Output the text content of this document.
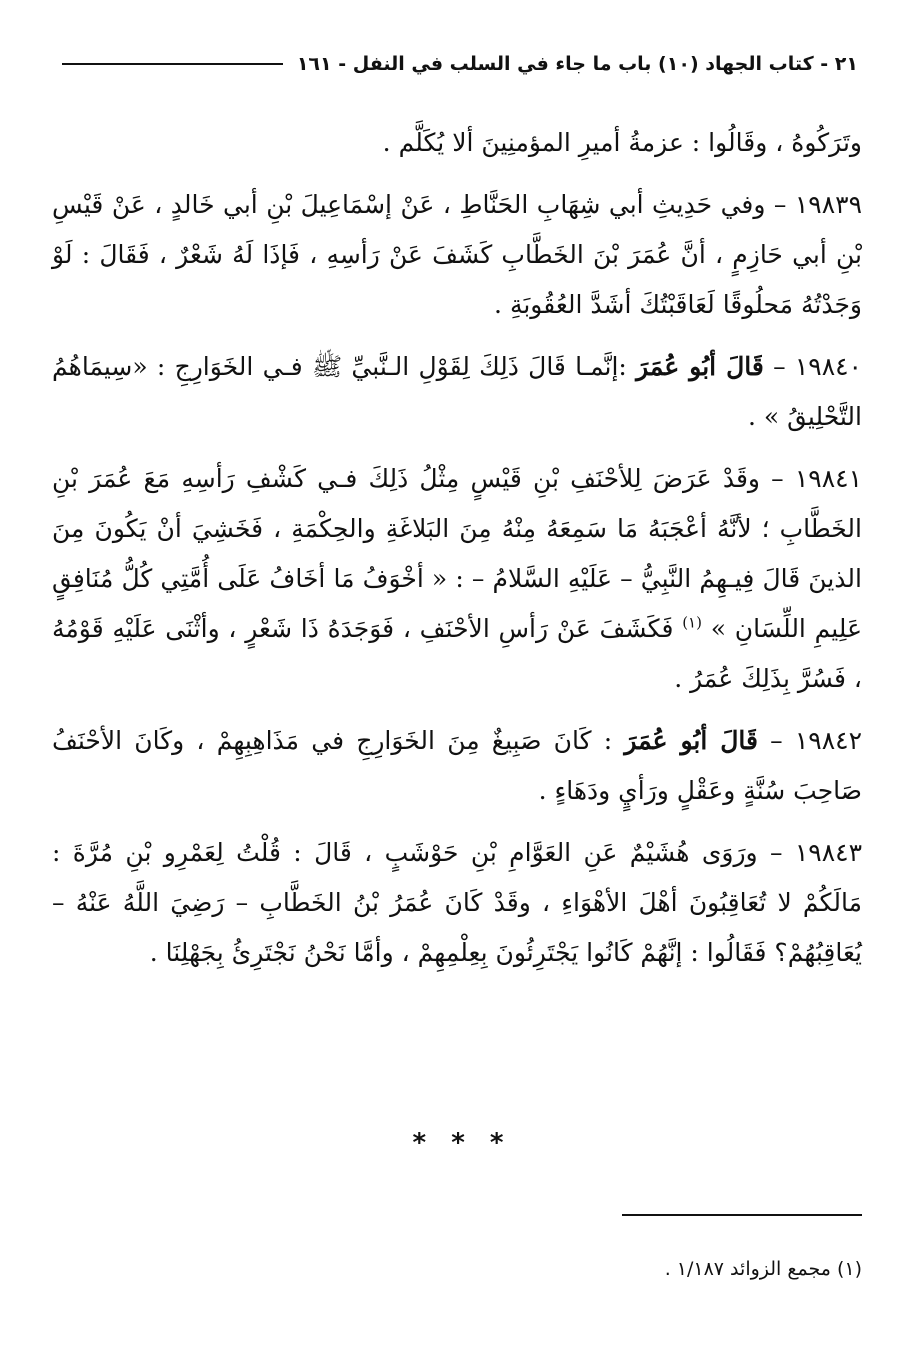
٢١ - كتاب الجهاد (١٠) باب ما جاء في السلب في النفل - ١٦١

وتَرَكُوهُ ، وقَالُوا : عزمةُ أميرِ المؤمنِينَ ألا يُكَلَّم .

١٩٨٣٩ – وفي حَدِيثِ أبي شِهَابِ الحَنَّاطِ ، عَنْ إسْمَاعِيلَ بْنِ أبي خَالدٍ ، عَنْ قَيْسِ بْنِ أبي حَازِمٍ ، أنَّ عُمَرَ بْنَ الخَطَّابِ كَشَفَ عَنْ رَأسِهِ ، فَإذَا لَهُ شَعْرٌ ، فَقَالَ : لَوْ وَجَدْتُهُ مَحلُوقًا لَعَاقَبْتُكَ أشَدَّ العُقُوبَةِ .

١٩٨٤٠ – قَالَ أبُو عُمَرَ :إنَّمـا قَالَ ذَلِكَ لِقَوْلِ الـنَّبيِّ ﷺ فـي الخَوَارِجِ : «سِيمَاهُمُ التَّحْلِيقُ » .

١٩٨٤١ – وقَدْ عَرَضَ لِلأحْنَفِ بْنِ قَيْسٍ مِثْلُ ذَلِكَ فـي كَشْفِ رَأسِهِ مَعَ عُمَرَ بْنِ الخَطَّابِ ؛ لأنَّهُ أعْجَبَهُ مَا سَمِعَهُ مِنْهُ مِنَ البَلاغَةِ والحِكْمَةِ ، فَخَشِيَ أنْ يَكُونَ مِنَ الذينَ قَالَ فِيـهِمُ النَّبِيُّ – عَلَيْهِ السَّلامُ – : « أخْوَفُ مَا أخَافُ عَلَى أُمَّتِي كُلُّ مُنَافِقٍ عَلِيمِ اللِّسَانِ » $^{(١)}$ فَكَشَفَ عَنْ رَأسِ الأحْنَفِ ، فَوَجَدَهُ ذَا شَعْرٍ ، وأثْنَى عَلَيْهِ قَوْمُهُ ، فَسُرَّ بِذَلِكَ عُمَرُ .

١٩٨٤٢ – قَالَ أبُو عُمَرَ : كَانَ صَبِيغٌ مِنَ الخَوَارِجِ في مَذَاهِبِهِمْ ، وكَانَ الأحْنَفُ صَاحِبَ سُنَّةٍ وعَقْلٍ ورَأيٍ ودَهَاءٍ .

١٩٨٤٣ – ورَوَى هُشَيْمٌ عَنِ العَوَّامِ بْنِ حَوْشَبٍ ، قَالَ : قُلْتُ لِعَمْرِو بْنِ مُرَّةَ : مَالَكُمْ لا تُعَاقِبُونَ أهْلَ الأهْوَاءِ ، وقَدْ كَانَ عُمَرُ بْنُ الخَطَّابِ – رَضِيَ اللَّهُ عَنْهُ – يُعَاقِبُهُمْ؟ فَقَالُوا : إنَّهُمْ كَانُوا يَجْتَرِئُونَ بِعِلْمِهِمْ ، وأمَّا نَحْنُ نَجْتَرِئُ بِجَهْلِنَا .

* * *
(١) مجمع الزوائد ١/١٨٧ .
